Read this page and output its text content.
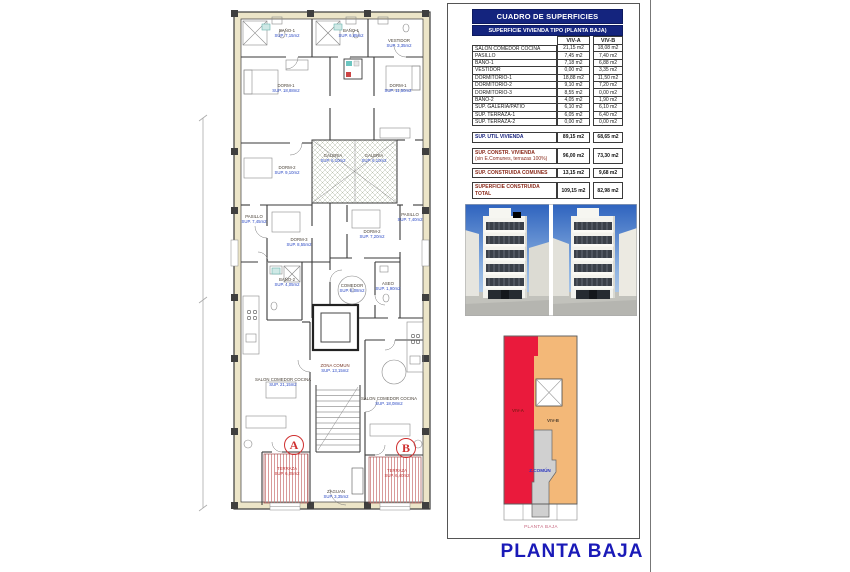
BAÑO-1
SUP. 7,15m2
BAÑO-1
SUP. 6,85m2
VESTIDOR
SUP. 3,35m2
DORM-1
SUP. 18,88m2
DORM-1
SUP. 11,50m2
DORM-2
SUP. 9,10m2
GALERIA
SUP. 6,10m2
GALERIA
SUP. 6,10m2
PASILLO
SUP. 7,45m2
PASILLO
SUP. 7,40m2
DORM-3
SUP. 8,55m2
DORM-2
SUP. 7,20m2
BAÑO-2
SUP. 4,05m2	COMEDOR
SUP. 8,08m2
ASEO
SUP. 1,90m2
ZONA COMUN
SUP. 13,15m2
SALON COMEDOR COCINA
SUP. 21,15m2
SALON COMEDOR COCINA
SUP. 18,08m2
TERRAZA
SUP. 6,05m2
TERRAZA
SUP. 6,40m2
ZAGUAN
SUP. 3,35m2
A	B
CUADRO DE SUPERFICIES
SUPERFICIE VIVIENDA TIPO (PLANTA BAJA)
VIV-A	VIV-B
SALON COMEDOR COCINA	21,15 m2	18,08 m2
PASILLO	7,45 m2	7,40 m2
BAÑO-1	7,18 m2	6,88 m2
VESTIDOR	0,00 m2	3,35 m2
DORMITORIO-1	18,88 m2	11,50 m2
DORMITORIO-2	9,10 m2	7,20 m2
DORMITORIO-3	8,55 m2	0,00 m2
BAÑO-2	4,05 m2	1,90 m2
SUP. GALERIA/PATIO	6,10 m2	6,10 m2
SUP. TERRAZA-1	6,05 m2	6,40 m2
SUP. TERRAZA-2	0,00 m2	0,00 m2
SUP. UTIL VIVIENDA	89,15 m2	68,65 m2
SUP. CONSTR. VIVIENDA
(sin E.Comunes, terrazas 100%)	96,00 m2	73,30 m2
SUP. CONSTRUIDA COMUNES	13,15 m2	9,68 m2
SUPERFICIE CONSTRUIDA
TOTAL	109,15 m2	82,98 m2
VIV-A
VIV-B
Z.COMÚN
PLANTA BAJA
PLANTA BAJA
